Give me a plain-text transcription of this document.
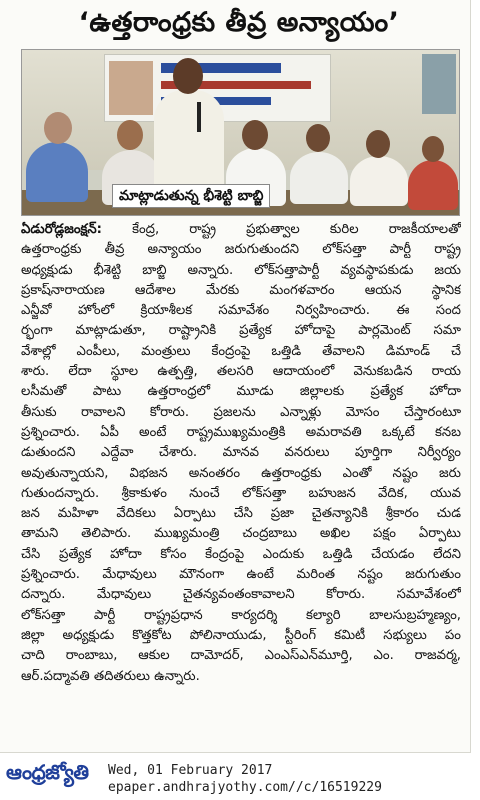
‘ఉత్తరాంధ్రకు తీవ్ర అన్యాయం’
మాట్లాడుతున్న భీశెట్టి బాబ్జి
ఏడురోడ్లజంక్షన్: కేంద్ర, రాష్ట్ర ప్రభుత్వాల కురిల రాజకీయాలతో
ఉత్తరాంధ్రకు తీవ్ర అన్యాయం జరుగుతుందని లోక్‌సత్తా పార్టీ రాష్ట్ర
అధ్యక్షుడు భీశెట్టి బాబ్జి అన్నారు. లోక్‌సత్తాపార్టీ వ్యవస్థాపకుడు జయ
ప్రకాష్‌నారాయణ ఆదేశాల మేరకు మంగళవారం ఆయన స్థానిక
ఎన్జీవో హోంలో క్రియాశీలక సమావేశం నిర్వహించారు. ఈ సంద
ర్భంగా మాట్లాడుతూ, రాష్ట్రానికి ప్రత్యేక హోదాపై పార్లమెంట్ సమా
వేశాల్లో ఎంపీలు, మంత్రులు కేంద్రంపై ఒత్తిడి తేవాలని డిమాండ్ చే
శారు. లేదా స్థూల ఉత్పత్తి, తలసరి ఆదాయంలో వెనుకబడిన రాయ
లసీమతో పాటు ఉత్తరాంధ్రలో మూడు జిల్లాలకు ప్రత్యేక హోదా
తీసుకు రావాలని కోరారు. ప్రజలను ఎన్నాళ్లు మోసం చేస్తారంటూ
ప్రశ్నించారు. ఏపీ అంటే రాష్ట్రముఖ్యమంత్రికి అమరావతి ఒక్కటే కనబ
డుతుందని ఎద్దేవా చేశారు. మానవ వనరులు పూర్తిగా నిర్వీర్యం
అవుతున్నాయని, విభజన అనంతరం ఉత్తరాంధ్రకు ఎంతో నష్టం జరు
గుతుందన్నారు. శ్రీకాకుళం నుంచే లోక్‌సత్తా బహుజన వేదిక, యువ
జన మహిళా వేదికలు ఏర్పాటు చేసి ప్రజా చైతన్యానికి శ్రీకారం చుడ
తామని తెలిపారు. ముఖ్యమంత్రి చంద్రబాబు అఖిల పక్షం ఏర్పాటు
చేసి ప్రత్యేక హోదా కోసం కేంద్రంపై ఎందుకు ఒత్తిడి చేయడం లేదని
ప్రశ్నించారు. మేధావులు మౌనంగా ఉంటే మరింత నష్టం జరుగుతుం
దన్నారు. మేధావులు చైతన్యవంతంకావాలని కోరారు. సమావేశంలో
లోక్‌సత్తా పార్టీ రాష్ట్రప్రధాన కార్యదర్శి కల్యారి బాలసుబ్రహ్మణ్యం,
జిల్లా అధ్యక్షుడు కొత్తకోట పోలినాయుడు, స్టీరింగ్ కమిటీ సభ్యులు పం
చాది రాంబాబు, ఆకుల దామోదర్, ఎంఎస్ఎన్‌మూర్తి, ఎం. రాజవర్మ,
ఆర్.పద్మావతి తదితరులు ఉన్నారు.
ఆంధ్రజ్యోతి Wed, 01 February 2017
epaper.andhrajyothy.com//c/16519229
